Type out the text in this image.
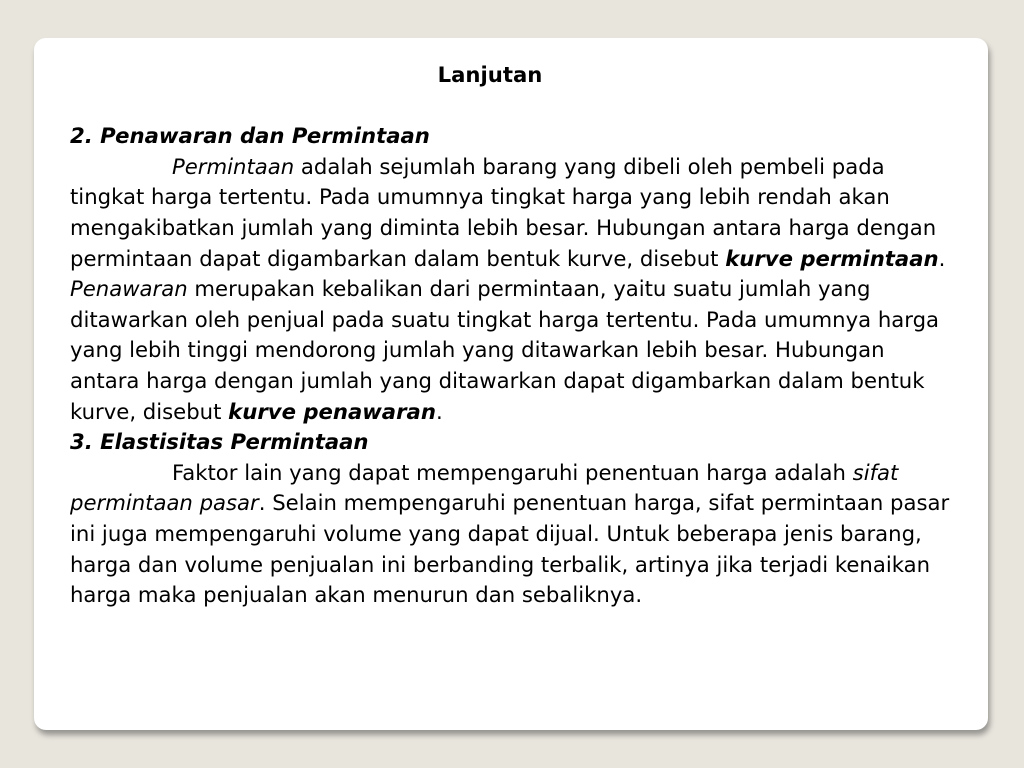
Lanjutan
2. Penawaran dan Permintaan

Permintaan adalah sejumlah barang yang dibeli oleh pembeli pada tingkat harga tertentu. Pada umumnya tingkat harga yang lebih rendah akan mengakibatkan jumlah yang diminta lebih besar. Hubungan antara harga dengan permintaan dapat digambarkan dalam bentuk kurve, disebut kurve permintaan.

Penawaran merupakan kebalikan dari permintaan, yaitu suatu jumlah yang ditawarkan oleh penjual pada suatu tingkat harga tertentu. Pada umumnya harga yang lebih tinggi mendorong jumlah yang ditawarkan lebih besar. Hubungan antara harga dengan jumlah yang ditawarkan dapat digambarkan dalam bentuk kurve, disebut kurve penawaran.

3. Elastisitas Permintaan

Faktor lain yang dapat mempengaruhi penentuan harga adalah sifat permintaan pasar. Selain mempengaruhi penentuan harga, sifat permintaan pasar ini juga mempengaruhi volume yang dapat dijual. Untuk beberapa jenis barang, harga dan volume penjualan ini berbanding terbalik, artinya jika terjadi kenaikan harga maka penjualan akan menurun dan sebaliknya.
